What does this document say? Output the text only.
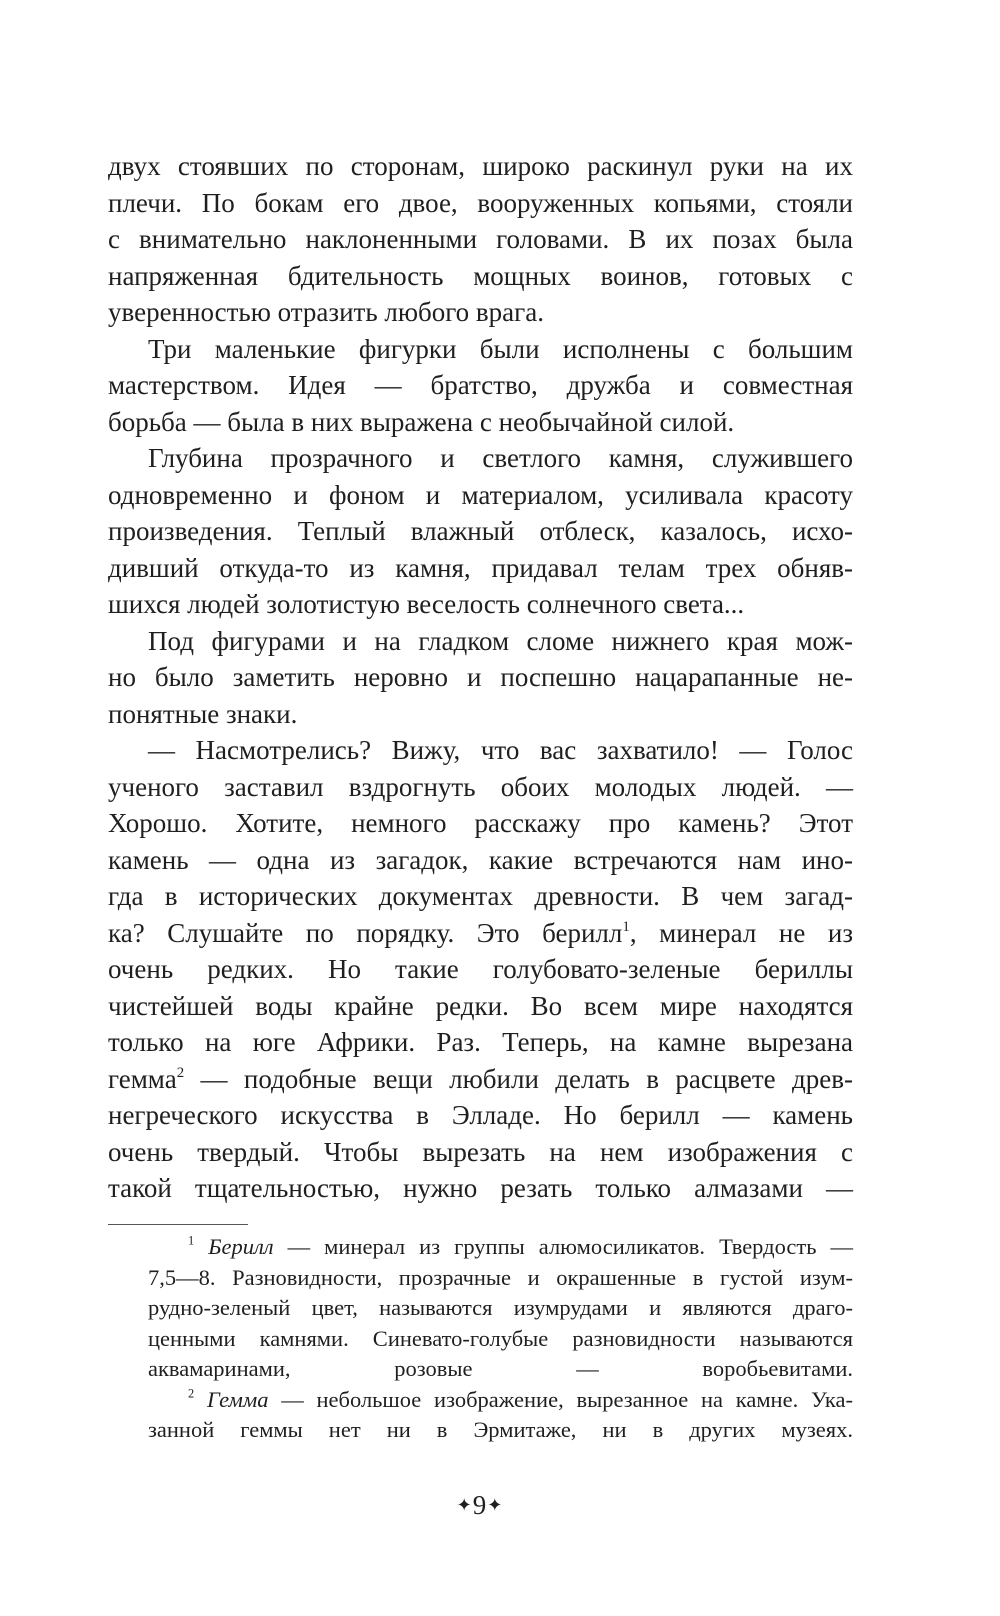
двух стоявших по сторонам, широко раскинул руки на их
плечи. По бокам его двое, вооруженных копьями, стояли
с внимательно наклоненными головами. В их позах была
напряженная бдительность мощных воинов, готовых с
уверенностью отразить любого врага.

Три маленькие фигурки были исполнены с большим
мастерством. Идея — братство, дружба и совместная
борьба — была в них выражена с необычайной силой.

Глубина прозрачного и светлого камня, служившего
одновременно и фоном и материалом, усиливала красоту
произведения. Теплый влажный отблеск, казалось, исхо-
дивший откуда-то из камня, придавал телам трех обняв-
шихся людей золотистую веселость солнечного света...

Под фигурами и на гладком сломе нижнего края мож-
но было заметить неровно и поспешно нацарапанные не-
понятные знаки.

— Насмотрелись? Вижу, что вас захватило! — Голос
ученого заставил вздрогнуть обоих молодых людей. —
Хорошо. Хотите, немного расскажу про камень? Этот
камень — одна из загадок, какие встречаются нам ино-
гда в исторических документах древности. В чем загад-
ка? Слушайте по порядку. Это берилл$^1$, минерал не из
очень редких. Но такие голубовато-зеленые бериллы
чистейшей воды крайне редки. Во всем мире находятся
только на юге Африки. Раз. Теперь, на камне вырезана
гемма$^2$ — подобные вещи любили делать в расцвете древ-
негреческого искусства в Элладе. Но берилл — камень
очень твердый. Чтобы вырезать на нем изображения с
такой тщательностью, нужно резать только алмазами —

$^1$ Берилл — минерал из группы алюмосиликатов. Твердость —
7,5—8. Разновидности, прозрачные и окрашенные в густой изум-
рудно-зеленый цвет, называются изумрудами и являются драго-
ценными камнями. Синевато-голубые разновидности называются
аквамаринами, розовые — воробьевитами.

$^2$ Гемма — небольшое изображение, вырезанное на камне. Ука-
занной геммы нет ни в Эрмитаже, ни в других музеях.

✦9✦
